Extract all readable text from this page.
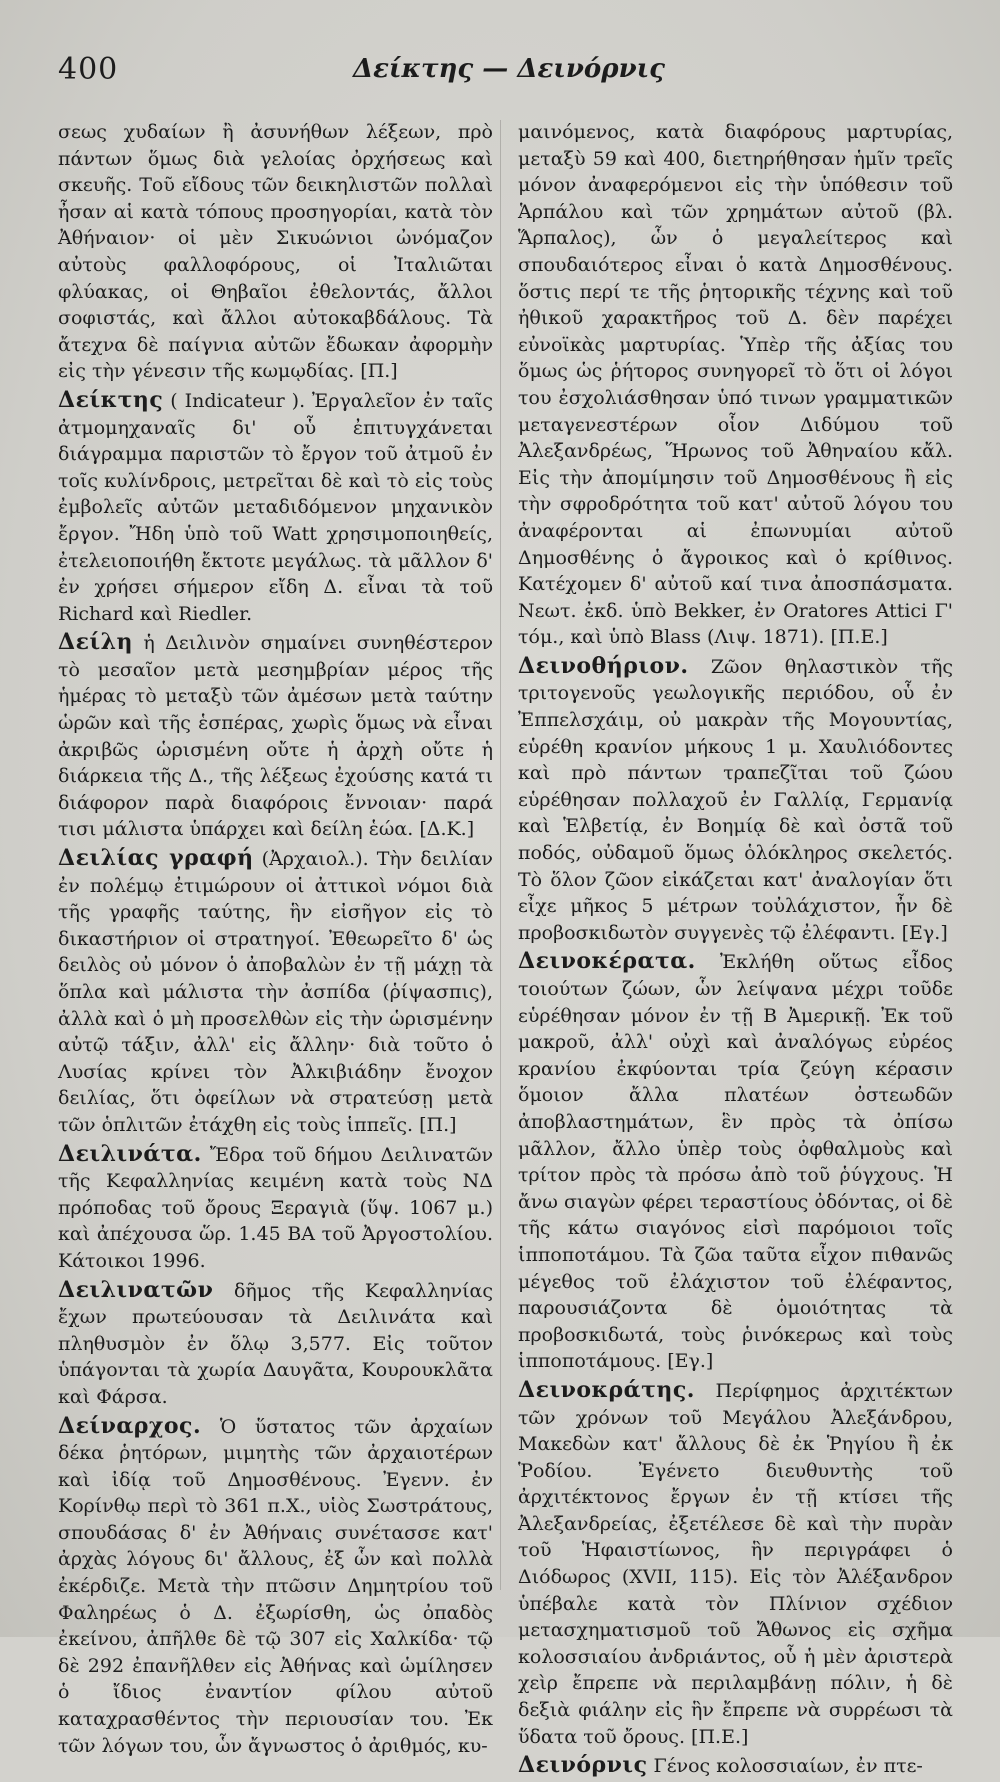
400	Δείκτης — Δεινόρνις

σεως χυδαίων ἢ ἀσυνήθων λέξεων, πρὸ πάντων ὅμως διὰ γελοίας ὀρχήσεως καὶ σκευῆς. Τοῦ εἴδους τῶν δεικηλιστῶν πολλαὶ ἦσαν αἱ κατὰ τόπους προσηγορίαι, κατὰ τὸν Ἀθήναιον· οἱ μὲν Σικυώνιοι ὠνόμαζον αὐτοὺς φαλλοφόρους, οἱ Ἰταλιῶται φλύακας, οἱ Θηβαῖοι ἐθελοντάς, ἄλλοι σοφιστάς, καὶ ἄλλοι αὐτοκαβδάλους. Τὰ ἄτεχνα δὲ παίγνια αὐτῶν ἔδωκαν ἀφορμὴν εἰς τὴν γένεσιν τῆς κωμῳδίας. [Π.]

Δείκτης ( Indicateur ). Ἐργαλεῖον ἐν ταῖς ἀτμομηχαναῖς δι' οὗ ἐπιτυγχάνεται διάγραμμα παριστῶν τὸ ἔργον τοῦ ἀτμοῦ ἐν τοῖς κυλίνδροις, μετρεῖται δὲ καὶ τὸ εἰς τοὺς ἐμβολεῖς αὐτῶν μεταδιδόμενον μηχανικὸν ἔργον. Ἤδη ὑπὸ τοῦ Watt χρησιμοποιηθείς, ἐτελειοποιήθη ἔκτοτε μεγάλως. τὰ μᾶλλον δ' ἐν χρήσει σήμερον εἴδη Δ. εἶναι τὰ τοῦ Richard καὶ Riedler.

Δείλη ἡ Δειλινὸν σημαίνει συνηθέστερον τὸ μεσαῖον μετὰ μεσημβρίαν μέρος τῆς ἡμέρας τὸ μεταξὺ τῶν ἀμέσων μετὰ ταύτην ὡρῶν καὶ τῆς ἑσπέρας, χωρὶς ὅμως νὰ εἶναι ἀκριβῶς ὡρισμένη οὔτε ἡ ἀρχὴ οὔτε ἡ διάρκεια τῆς Δ., τῆς λέξεως ἐχούσης κατά τι διάφορον παρὰ διαφόροις ἔννοιαν· παρά τισι μάλιστα ὑπάρχει καὶ δείλη ἑώα. [Δ.Κ.]

Δειλίας γραφή (Ἀρχαιολ.). Τὴν δειλίαν ἐν πολέμῳ ἐτιμώρουν οἱ ἀττικοὶ νόμοι διὰ τῆς γραφῆς ταύτης, ἣν εἰσῆγον εἰς τὸ δικαστήριον οἱ στρατηγοί. Ἐθεωρεῖτο δ' ὡς δειλὸς οὐ μόνον ὁ ἀποβαλὼν ἐν τῇ μάχῃ τὰ ὅπλα καὶ μάλιστα τὴν ἀσπίδα (ῥίψασπις), ἀλλὰ καὶ ὁ μὴ προσελθὼν εἰς τὴν ὡρισμένην αὐτῷ τάξιν, ἀλλ' εἰς ἄλλην· διὰ τοῦτο ὁ Λυσίας κρίνει τὸν Ἀλκιβιάδην ἔνοχον δειλίας, ὅτι ὀφείλων νὰ στρατεύσῃ μετὰ τῶν ὁπλιτῶν ἐτάχθη εἰς τοὺς ἱππεῖς. [Π.]

Δειλινάτα. Ἔδρα τοῦ δήμου Δειλινατῶν τῆς Κεφαλληνίας κειμένη κατὰ τοὺς ΝΔ πρόποδας τοῦ ὄρους Ξεραγιὰ (ὕψ. 1067 μ.) καὶ ἀπέχουσα ὥρ. 1.45 ΒΑ τοῦ Ἀργοστολίου. Κάτοικοι 1996.

Δειλινατῶν δῆμος τῆς Κεφαλληνίας ἔχων πρωτεύουσαν τὰ Δειλινάτα καὶ πληθυσμὸν ἐν ὅλῳ 3,577. Εἰς τοῦτον ὑπάγονται τὰ χωρία Δαυγᾶτα, Κουρουκλᾶτα καὶ Φάρσα.

Δείναρχος. Ὁ ὕστατος τῶν ἀρχαίων δέκα ῥητόρων, μιμητὴς τῶν ἀρχαιοτέρων καὶ ἰδίᾳ τοῦ Δημοσθένους. Ἐγενν. ἐν Κορίνθῳ περὶ τὸ 361 π.Χ., υἱὸς Σωστράτους, σπουδάσας δ' ἐν Ἀθήναις συνέτασσε κατ' ἀρχὰς λόγους δι' ἄλλους, ἐξ ὧν καὶ πολλὰ ἐκέρδιζε. Μετὰ τὴν πτῶσιν Δημητρίου τοῦ Φαληρέως ὁ Δ. ἐξωρίσθη, ὡς ὀπαδὸς ἐκείνου, ἀπῆλθε δὲ τῷ 307 εἰς Χαλκίδα· τῷ δὲ 292 ἐπανῆλθεν εἰς Ἀθήνας καὶ ὡμίλησεν ὁ ἴδιος ἐναντίον φίλου αὐτοῦ καταχρασθέντος τὴν περιουσίαν του. Ἐκ τῶν λόγων του, ὧν ἄγνωστος ὁ ἀριθμός, κυ-

μαινόμενος, κατὰ διαφόρους μαρτυρίας, μεταξὺ 59 καὶ 400, διετηρήθησαν ἡμῖν τρεῖς μόνον ἀναφερόμενοι εἰς τὴν ὑπόθεσιν τοῦ Ἁρπάλου καὶ τῶν χρημάτων αὐτοῦ (βλ. Ἅρπαλος), ὧν ὁ μεγαλείτερος καὶ σπουδαιότερος εἶναι ὁ κατὰ Δημοσθένους. ὅστις περί τε τῆς ῥητορικῆς τέχνης καὶ τοῦ ἠθικοῦ χαρακτῆρος τοῦ Δ. δὲν παρέχει εὐνοϊκὰς μαρτυρίας. Ὑπὲρ τῆς ἀξίας του ὅμως ὡς ῥήτορος συνηγορεῖ τὸ ὅτι οἱ λόγοι του ἐσχολιάσθησαν ὑπό τινων γραμματικῶν μεταγενεστέρων οἷον Διδύμου τοῦ Ἀλεξανδρέως, Ἥρωνος τοῦ Ἀθηναίου κἄλ. Εἰς τὴν ἀπομίμησιν τοῦ Δημοσθένους ἢ εἰς τὴν σφροδρότητα τοῦ κατ' αὐτοῦ λόγου του ἀναφέρονται αἱ ἐπωνυμίαι αὐτοῦ Δημοσθένης ὁ ἄγροικος καὶ ὁ κρίθινος. Κατέχομεν δ' αὐτοῦ καί τινα ἀποσπάσματα. Νεωτ. ἐκδ. ὑπὸ Bekker, ἐν Oratores Attici Γ' τόμ., καὶ ὑπὸ Blass (Λιψ. 1871). [Π.Ε.]

Δεινοθήριον. Ζῶον θηλαστικὸν τῆς τριτογενοῦς γεωλογικῆς περιόδου, οὗ ἐν Ἐππελσχάιμ, οὐ μακρὰν τῆς Μογουντίας, εὑρέθη κρανίον μήκους 1 μ. Χαυλιόδοντες καὶ πρὸ πάντων τραπεζῖται τοῦ ζώου εὑρέθησαν πολλαχοῦ ἐν Γαλλίᾳ, Γερμανίᾳ καὶ Ἑλβετίᾳ, ἐν Βοημίᾳ δὲ καὶ ὀστᾶ τοῦ ποδός, οὐδαμοῦ ὅμως ὁλόκληρος σκελετός. Τὸ ὅλον ζῶον εἰκάζεται κατ' ἀναλογίαν ὅτι εἶχε μῆκος 5 μέτρων τοὐλάχιστον, ἦν δὲ προβοσκιδωτὸν συγγενὲς τῷ ἐλέφαντι. [Εγ.]

Δεινοκέρατα. Ἐκλήθη οὕτως εἶδος τοιούτων ζώων, ὧν λείψανα μέχρι τοῦδε εὑρέθησαν μόνον ἐν τῇ Β Ἀμερικῇ. Ἐκ τοῦ μακροῦ, ἀλλ' οὐχὶ καὶ ἀναλόγως εὐρέος κρανίου ἐκφύονται τρία ζεύγη κέρασιν ὅμοιον ἄλλα πλατέων ὀστεωδῶν ἀποβλαστημάτων, ἓν πρὸς τὰ ὀπίσω μᾶλλον, ἄλλο ὑπὲρ τοὺς ὀφθαλμοὺς καὶ τρίτον πρὸς τὰ πρόσω ἀπὸ τοῦ ῥύγχους. Ἡ ἄνω σιαγὼν φέρει τεραστίους ὀδόντας, οἱ δὲ τῆς κάτω σιαγόνος εἰσὶ παρόμοιοι τοῖς ἱπποποτάμου. Τὰ ζῶα ταῦτα εἶχον πιθανῶς μέγεθος τοῦ ἐλάχιστον τοῦ ἐλέφαντος, παρουσιάζοντα δὲ ὁμοιότητας τὰ προβοσκιδωτά, τοὺς ῥινόκερως καὶ τοὺς ἱπποποτάμους. [Εγ.]

Δεινοκράτης. Περίφημος ἀρχιτέκτων τῶν χρόνων τοῦ Μεγάλου Ἀλεξάνδρου, Μακεδὼν κατ' ἄλλους δὲ ἐκ Ῥηγίου ἢ ἐκ Ῥοδίου. Ἐγένετο διευθυντὴς τοῦ ἀρχιτέκτονος ἔργων ἐν τῇ κτίσει τῆς Ἀλεξανδρείας, ἐξετέλεσε δὲ καὶ τὴν πυρὰν τοῦ Ἡφαιστίωνος, ἣν περιγράφει ὁ Διόδωρος (XVII, 115). Εἰς τὸν Ἀλέξανδρον ὑπέβαλε κατὰ τὸν Πλίνιον σχέδιον μετασχηματισμοῦ τοῦ Ἄθωνος εἰς σχῆμα κολοσσιαίου ἀνδριάντος, οὗ ἡ μὲν ἀριστερὰ χεὶρ ἔπρεπε νὰ περιλαμβάνῃ πόλιν, ἡ δὲ δεξιὰ φιάλην εἰς ἣν ἔπρεπε νὰ συρρέωσι τὰ ὕδατα τοῦ ὄρους. [Π.Ε.]

Δεινόρνις Γένος κολοσσιαίων, ἐν πτε-
